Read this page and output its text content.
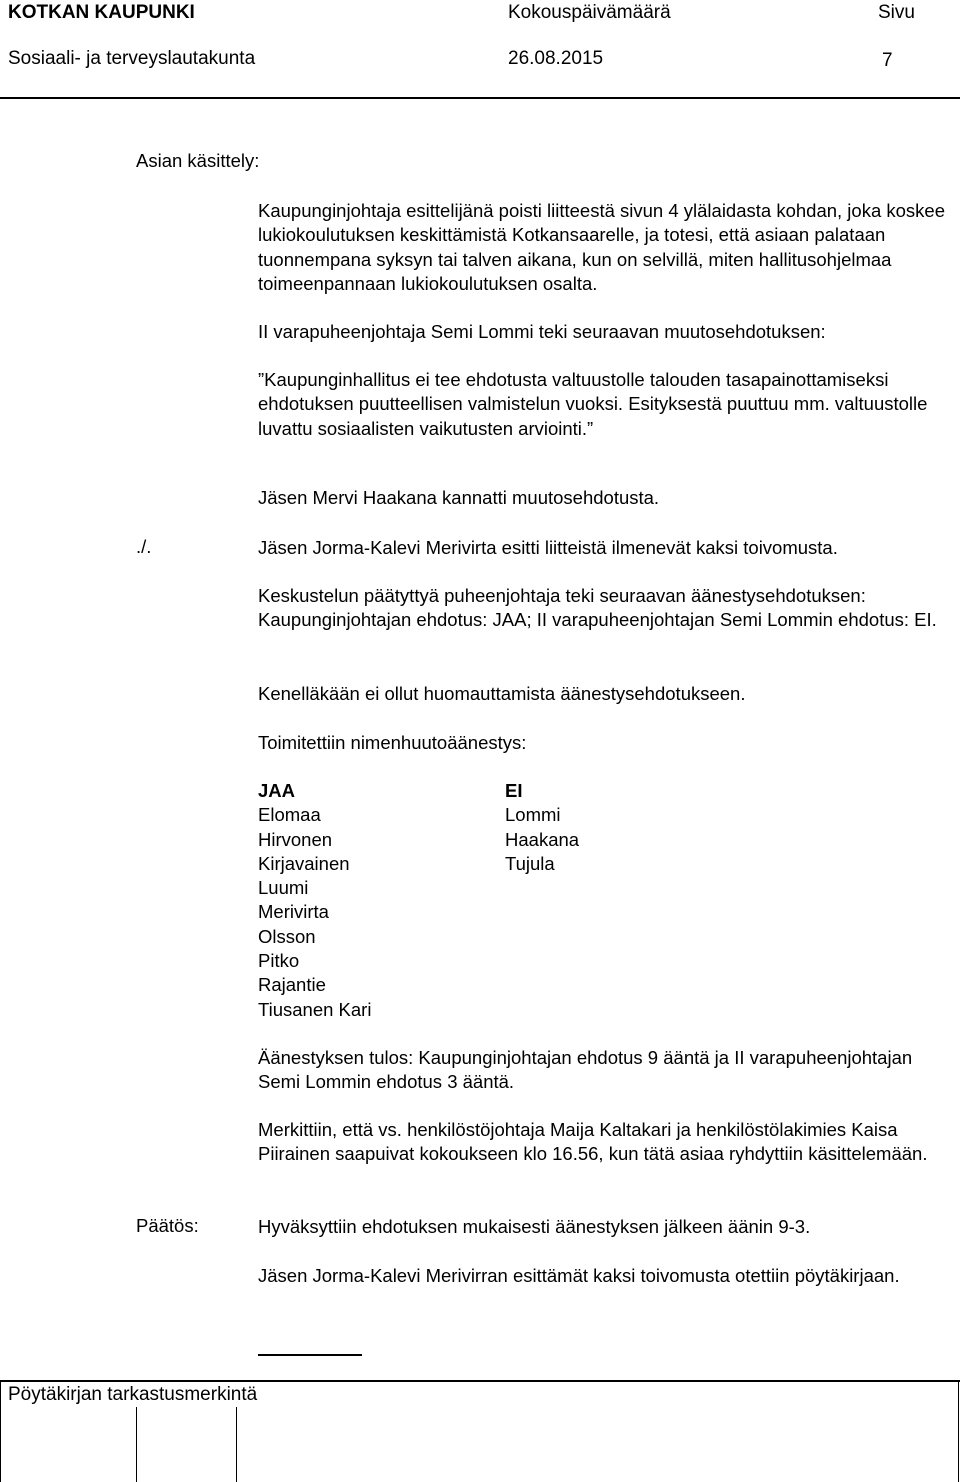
KOTKAN KAUPUNKI	Kokouspäivämäärä	Sivu
Sosiaali- ja terveyslautakunta	26.08.2015	7
Asian käsittely:
Kaupunginjohtaja esittelijänä poisti liitteestä sivun 4 ylälaidasta kohdan, joka koskee lukiokoulutuksen keskittämistä Kotkansaarelle, ja totesi, että asiaan palataan tuonnempana syksyn tai talven aikana, kun on selvillä, miten hallitusohjelmaa toimeenpannaan lukiokoulutuksen osalta.
II varapuheenjohtaja Semi Lommi teki seuraavan muutosehdotuksen:
”Kaupunginhallitus ei tee ehdotusta valtuustolle talouden tasapainottamiseksi ehdotuksen puutteellisen valmistelun vuoksi. Esityksestä puuttuu mm. valtuustolle luvattu sosiaalisten vaikutusten arviointi.”
Jäsen Mervi Haakana kannatti muutosehdotusta.
./.	Jäsen Jorma-Kalevi Merivirta esitti liitteistä ilmenevät kaksi toivomusta.
Keskustelun päätyttyä puheenjohtaja teki seuraavan äänestysehdotuksen: Kaupunginjohtajan ehdotus: JAA; II varapuheenjohtajan Semi Lommin ehdotus: EI.
Kenelläkään ei ollut huomauttamista äänestysehdotukseen.
Toimitettiin nimenhuutoäänestys:
JAA
Elomaa
Hirvonen
Kirjavainen
Luumi
Merivirta
Olsson
Pitko
Rajantie
Tiusanen Kari
EI
Lommi
Haakana
Tujula
Äänestyksen tulos: Kaupunginjohtajan ehdotus 9 ääntä ja II varapuheenjohtajan Semi Lommin ehdotus 3 ääntä.
Merkittiin, että vs. henkilöstöjohtaja Maija Kaltakari ja henkilöstölakimies Kaisa Piirainen saapuivat kokoukseen klo 16.56, kun tätä asiaa ryhdyttiin käsittelemään.
Päätös:	Hyväksyttiin ehdotuksen mukaisesti äänestyksen jälkeen äänin 9-3.
Jäsen Jorma-Kalevi Merivirran esittämät kaksi toivomusta otettiin pöytäkirjaan.
Pöytäkirjan tarkastusmerkintä
